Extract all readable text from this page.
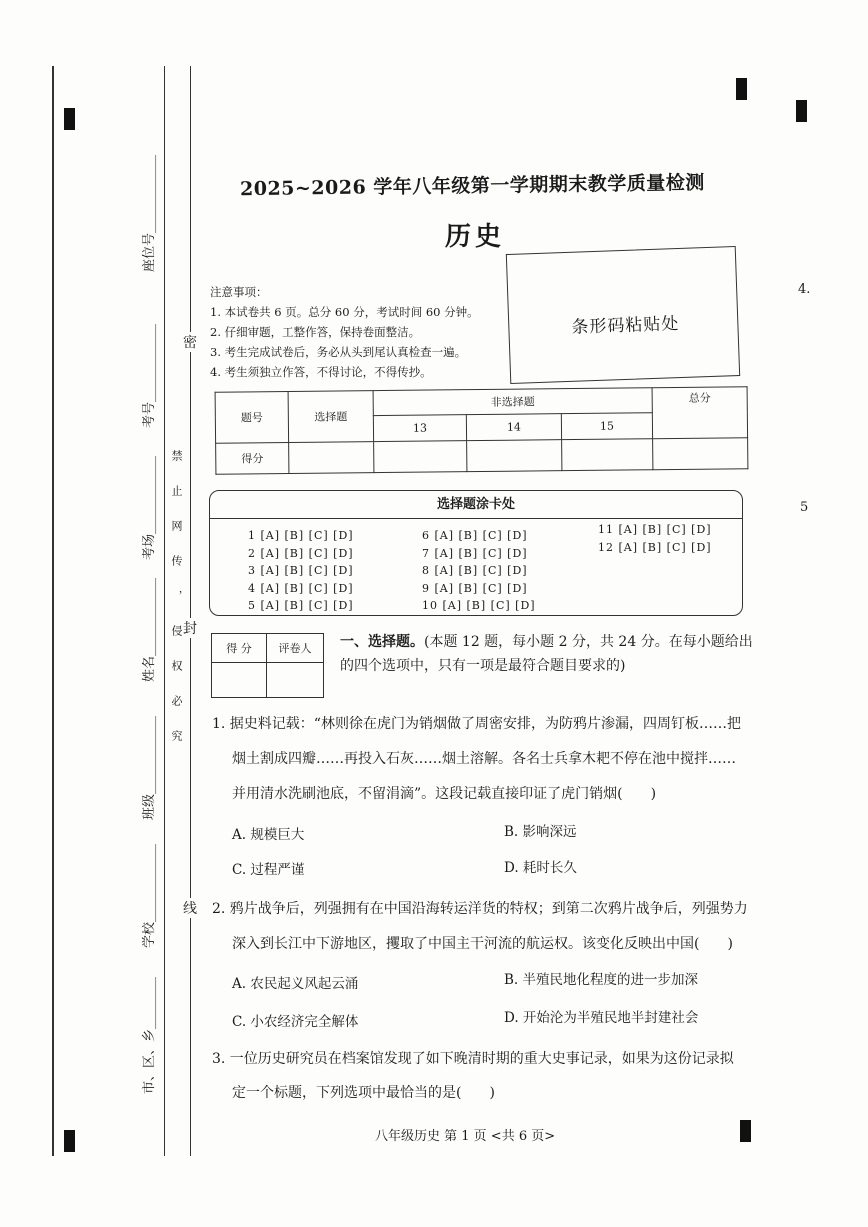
座位号____________
考号____________
考场____________
姓名____________
班级____________
学校____________
市、区、乡________
密
封
线
禁止网传，侵权必究
2025~2026 学年八年级第一学期期末教学质量检测
历史
注意事项：
1. 本试卷共 6 页。总分 60 分，考试时间 60 分钟。
2. 仔细审题，工整作答，保持卷面整洁。
3. 考生完成试卷后，务必从头到尾认真检查一遍。
4. 考生须独立作答，不得讨论，不得传抄。
条形码粘贴处
题号	选择题	非选择题			总分
		13	14	15	
得分					
选择题涂卡处
1 [A] [B] [C] [D]
2 [A] [B] [C] [D]
3 [A] [B] [C] [D]
4 [A] [B] [C] [D]
5 [A] [B] [C] [D]
6 [A] [B] [C] [D]
7 [A] [B] [C] [D]
8 [A] [B] [C] [D]
9 [A] [B] [C] [D]
10 [A] [B] [C] [D]
11 [A] [B] [C] [D]
12 [A] [B] [C] [D]
得 分	评卷人
	一、选择题。(本题 12 题，每小题 2 分，共 24 分。在每小题给出的四个选项中，只有一项是最符合题目要求的)
1. 据史料记载：“林则徐在虎门为销烟做了周密安排，为防鸦片渗漏，四周钉板……把
烟土割成四瓣……再投入石灰……烟土溶解。各名士兵拿木耙不停在池中搅拌……
并用清水洗刷池底，不留涓滴”。这段记载直接印证了虎门销烟(　　)
A. 规模巨大	B. 影响深远
C. 过程严谨	D. 耗时长久
2. 鸦片战争后，列强拥有在中国沿海转运洋货的特权；到第二次鸦片战争后，列强势力
深入到长江中下游地区，攫取了中国主干河流的航运权。该变化反映出中国(　　)
A. 农民起义风起云涌	B. 半殖民地化程度的进一步加深
C. 小农经济完全解体	D. 开始沦为半殖民地半封建社会
3. 一位历史研究员在档案馆发现了如下晚清时期的重大史事记录，如果为这份记录拟
定一个标题，下列选项中最恰当的是(　　)
八年级历史 第 1 页 <共 6 页>
4.
5
